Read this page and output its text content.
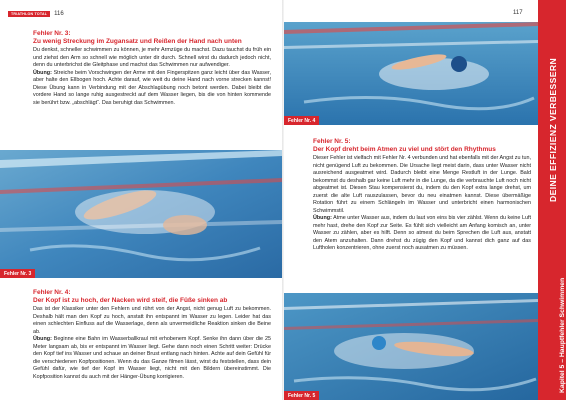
TRIATHLON TOTAL	116
Fehler Nr. 3:
Zu wenig Streckung im Zugansatz und Reißen der Hand nach unten

Du denkst, schneller schwimmen zu können, je mehr Armzüge du machst. Dazu tauchst du früh ein und ziehst den Arm so schnell wie möglich unter dir durch. Schnell wirst du dadurch jedoch nicht, denn du unterbrichst die Gleitphase und machst das Schwimmen nur aufwendiger.

Übung: Streiche beim Vorschwingen der Arme mit den Fingerspitzen ganz leicht über das Wasser, aber halte den Ellbogen hoch. Achte darauf, wie weit du deine Hand nach vorne strecken kannst! Diese Übung kann in Verbindung mit der Abschlagübung noch betont werden. Dabei bleibt die vordere Hand so lange ruhig ausgestreckt auf dem Wasser liegen, bis die von hinten kommende sie berührt bzw. „abschlägt“. Das beruhigt das Schwimmen.

Fehler Nr. 3
Fehler Nr. 4:
Der Kopf ist zu hoch, der Nacken wird steif, die Füße sinken ab

Das ist der Klassiker unter den Fehlern und rührt von der Angst, nicht genug Luft zu bekommen. Deshalb hält man den Kopf zu hoch, anstatt ihn entspannt im Wasser zu legen. Leider hat das einen schlechten Einfluss auf die Wasserlage, denn als unvermeidliche Reaktion sinken die Beine ab.

Übung: Beginne eine Bahn im Wasserballkraul mit erhobenem Kopf. Senke ihn dann über die 25 Meter langsam ab, bis er entspannt im Wasser liegt. Gehe dann noch einen Schritt weiter: Drücke den Kopf tief ins Wasser und schaue an deiner Brust entlang nach hinten. Achte auf dein Gefühl für die verschiedenen Kopfpositionen. Wenn du das Ganze filmen lässt, wirst du feststellen, dass dein Gefühl dafür, wie tief der Kopf im Wasser liegt, nicht mit den Bildern übereinstimmt. Die Kopfposition kannst du auch mit der Hänger-Übung korrigieren.

117
Fehler Nr. 4
Fehler Nr. 5:
Der Kopf dreht beim Atmen zu viel und stört den Rhythmus

Dieser Fehler ist vielfach mit Fehler Nr. 4 verbunden und hat ebenfalls mit der Angst zu tun, nicht genügend Luft zu bekommen. Die Ursache liegt meist darin, dass unter Wasser nicht ausreichend ausgeatmet wird. Dadurch bleibt eine Menge Restluft in der Lunge. Bald bekommst du deshalb gar keine Luft mehr in die Lunge, da die verbrauchte Luft noch nicht abgeatmet ist. Diesen Stau kompensierst du, indem du den Kopf extra lange drehst, um zuerst die alte Luft rauszulassen, bevor du neu einatmen kannst. Diese übermäßige Rotation führt zu einem Schlängeln im Wasser und unterbricht einen harmonischen Schwimmstil.

Übung: Atme unter Wasser aus, indem du laut von eins bis vier zählst. Wenn du keine Luft mehr hast, drehe den Kopf zur Seite. Es fühlt sich vielleicht am Anfang komisch an, unter Wasser zu zählen, aber es hilft. Denn so atmest du beim Sprechen die Luft aus, anstatt den Atem anzuhalten. Dann drehst du zügig den Kopf und kannst dich ganz auf das Luftholen konzentrieren, ohne zuerst noch ausatmen zu müssen.

Fehler Nr. 5
DEINE EFFIZIENZ VERBESSERN
Kapitel 5 – Hauptfehler Schwimmen
